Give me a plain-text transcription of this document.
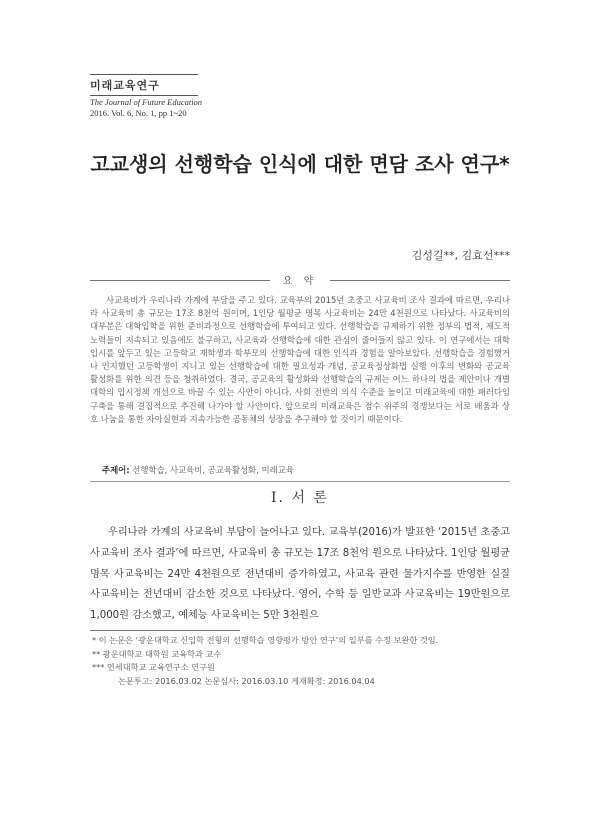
미래교육연구
The Journal of Future Education
2016. Vol. 6, No. 1, pp 1~20
고교생의 선행학습 인식에 대한 면담 조사 연구*
김성길**, 김효선***
요 약

사교육비가 우리나라 가계에 부담을 주고 있다. 교육부의 2015년 초중고 사교육비 조사 결과에 따르면, 우리나라 사교육비 총 규모는 17조 8천억 원이며, 1인당 월평균 명목 사교육비는 24만 4천원으로 나타났다. 사교육비의 대부분은 대학입학을 위한 준비과정으로 선행학습에 투여되고 있다. 선행학습을 규제하기 위한 정부의 법적, 제도적 노력들이 지속되고 있음에도 불구하고, 사교육과 선행학습에 대한 관심이 줄어들지 않고 있다. 이 연구에서는 대학입시를 앞두고 있는 고등학교 재학생과 학부모의 선행학습에 대한 인식과 경험을 알아보았다. 선행학습을 경험했거나 인지했던 고등학생이 지니고 있는 선행학습에 대한 필요성과 개념, 공교육정상화법 실행 이후의 변화와 공교육 활성화를 위한 의견 등을 청취하였다. 결국, 공교육의 활성화와 선행학습의 규제는 어느 하나의 법을 제안이나 개별 대학의 입시정책 개선으로 바꿀 수 있는 사안이 아니다. 사회 전반의 의식 수준을 높이고 미래교육에 대한 패러다임 구축을 통해 결집적으로 추진해 나가야 할 사안이다. 앞으로의 미래교육은 점수 위주의 경쟁보다는 서로 배움과 상호 나눔을 통한 자아실현과 지속가능한 공동체의 성장을 추구해야 할 것이기 때문이다.

주제어: 선행학습, 사교육비, 공교육활성화, 미래교육
I. 서 론

우리나라 가계의 사교육비 부담이 늘어나고 있다. 교육부(2016)가 발표한 ‘2015년 초중고 사교육비 조사 결과’에 따르면, 사교육비 총 규모는 17조 8천억 원으로 나타났다. 1인당 월평균 명목 사교육비는 24만 4천원으로 전년대비 증가하였고, 사교육 관련 물가지수를 반영한 실질 사교육비는 전년대비 감소한 것으로 나타났다. 영어, 수학 등 일반교과 사교육비는 19만원으로 1,000원 감소했고, 예체능 사교육비는 5만 3천원으

* 이 논문은 ‘광운대학교 신입학 전형의 선행학습 영향평가 방안 연구’의 일부를 수정 보완한 것임.
** 광운대학교 대학원 교육학과 교수
*** 연세대학교 교육연구소 연구원
논문투고: 2016.03.02 논문심사: 2016.03.10 게재확정: 2016.04.04
